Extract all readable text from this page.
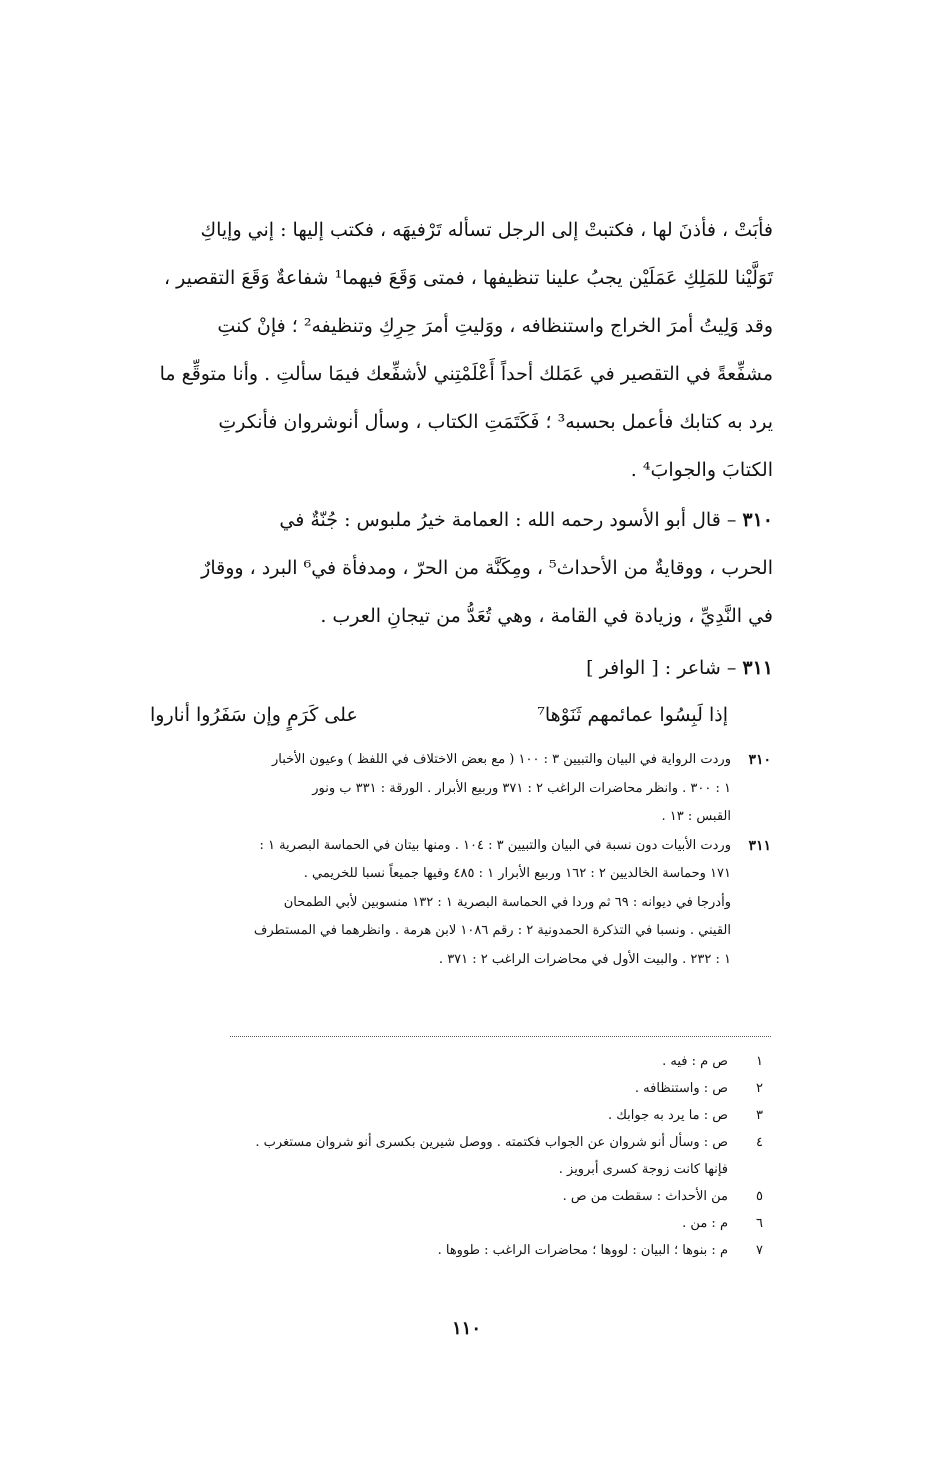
فأبَتْ ، فأذنَ لها ، فكتبتْ إلى الرجل تسأله تَرْفيهَه ، فكتب إليها : إني وإياكِ
تَوَلَّيْنا للمَلِكِ عَمَلَيْن يجبُ علينا تنظيفها ، فمتى وَقَعَ فيهما¹ شفاعةٌ وَقَعَ التقصير ،
وقد وَلِيتُ أمرَ الخراج واستنظافه ، ووَليتِ أمرَ حِرِكِ وتنظيفه² ؛ فإنْ كنتِ
مشفِّعةً في التقصير في عَمَلك أحداً أَعْلَمْتِني لأشفِّعك فيمَا سألتِ . وأنا متوقِّع ما
يرد به كتابك فأعمل بحسبه³ ؛ فَكَتَمَتِ الكتاب ، وسأل أنوشروان فأنكرتِ
الكتابَ والجوابَ⁴ .
٣١٠ – قال أبو الأسود رحمه الله : العمامة خيرُ ملبوس : جُنّةٌ في
الحرب ، ووقايةٌ من الأحداث⁵ ، ومِكَنَّة من الحرّ ، ومدفأة في⁶ البرد ، ووقارٌ
في النَّدِيِّ ، وزيادة في القامة ، وهي تُعَدُّ من تيجانِ العرب .
٣١١ – شاعر : [ الوافر ]
إذا لَبِسُوا عمائمهم ثَنَوْها⁷
على كَرَمٍ وإن سَفَرُوا أناروا
٣١٠
وردت الرواية في البيان والتبيين ٣ : ١٠٠ ( مع بعض الاختلاف في اللفظ ) وعيون الأخبار
١ : ٣٠٠ . وانظر محاضرات الراغب ٢ : ٣٧١ وربيع الأبرار . الورقة : ٣٣١ ب ونور
القبس : ١٣ .
٣١١
وردت الأبيات دون نسبة في البيان والتبيين ٣ : ١٠٤ . ومنها بيتان في الحماسة البصرية ١ :
١٧١ وحماسة الخالديين ٢ : ١٦٢ وربيع الأبرار ١ : ٤٨٥ وفيها جميعاً نسبا للخريمي .
وأدرجا في ديوانه : ٦٩ ثم وردا في الحماسة البصرية ١ : ١٣٢ منسوبين لأبي الطمحان
القيني . ونسبا في التذكرة الحمدونية ٢ : رقم ١٠٨٦ لابن هرمة . وانظرهما في المستطرف
١ : ٢٣٢ . والبيت الأول في محاضرات الراغب ٢ : ٣٧١ .
١
ص م : فيه .
٢
ص : واستنظافه .
٣
ص : ما يرد به جوابك .
٤
ص : وسأل أنو شروان عن الجواب فكتمته . ووصل شيرين بكسرى أنو شروان مستغرب .
فإنها كانت زوجة كسرى أبرويز .
٥
من الأحداث : سقطت من ص .
٦
م : من .
٧
م : بنوها ؛ البيان : لووها ؛ محاضرات الراغب : طووها .
١١٠
